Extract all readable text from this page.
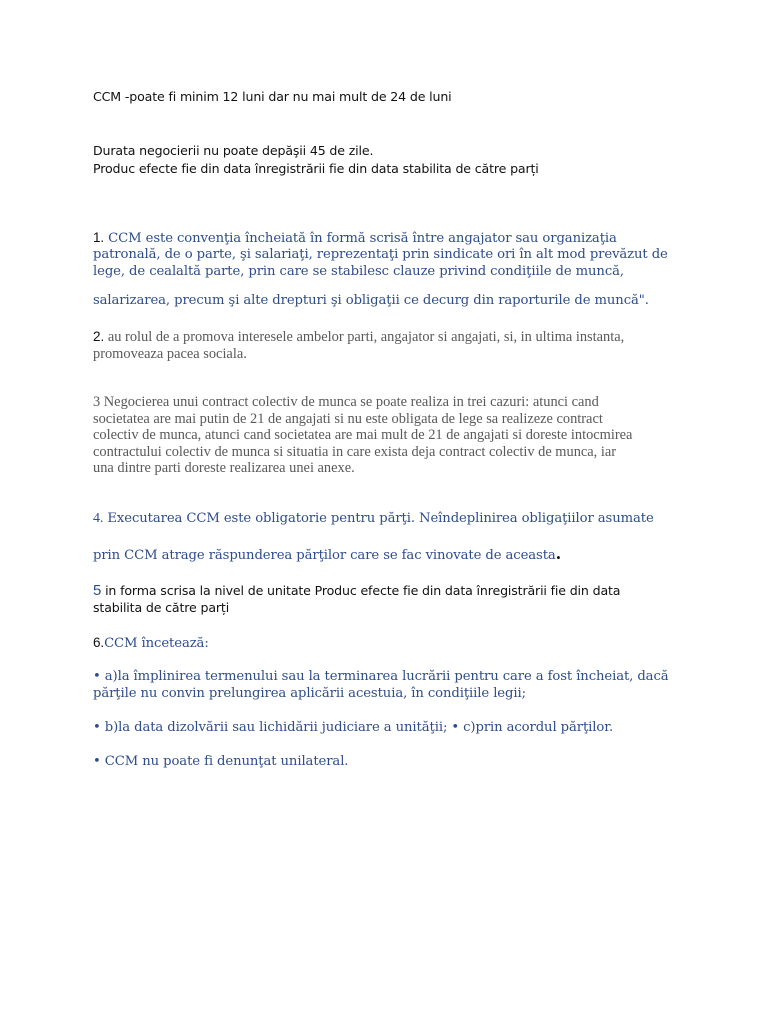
CCM -poate fi minim 12 luni dar nu mai mult de 24 de luni

Durata negocierii nu poate depăşii 45 de zile.

Produc efecte fie din data înregistrării fie din data stabilita de către parți

1. CCM este convenţia încheiată în formă scrisă între angajator sau organizaţia

patronală, de o parte, şi salariaţi, reprezentaţi prin sindicate ori în alt mod prevăzut de

lege, de cealaltă parte, prin care se stabilesc clauze privind condiţiile de muncă,

salarizarea, precum şi alte drepturi şi obligaţii ce decurg din raporturile de muncă".

2. au rolul de a promova interesele ambelor parti, angajator si angajati, si, in ultima instanta,

promoveaza pacea sociala.

3 Negocierea unui contract colectiv de munca se poate realiza in trei cazuri: atunci cand

societatea are mai putin de 21 de angajati si nu este obligata de lege sa realizeze contract

colectiv de munca, atunci cand societatea are mai mult de 21 de angajati si doreste intocmirea

contractului colectiv de munca si situatia in care exista deja contract colectiv de munca, iar

una dintre parti doreste realizarea unei anexe.

4. Executarea CCM este obligatorie pentru părţi. Neîndeplinirea obligaţiilor asumate

prin CCM atrage răspunderea părţilor care se fac vinovate de aceasta.

5 in forma scrisa la nivel de unitate Produc efecte fie din data înregistrării fie din data

stabilita de către parți

6.CCM încetează:

• a)la împlinirea termenului sau la terminarea lucrării pentru care a fost încheiat, dacă

părţile nu convin prelungirea aplicării acestuia, în condiţiile legii;

• b)la data dizolvării sau lichidării judiciare a unităţii; • c)prin acordul părţilor.

• CCM nu poate fi denunţat unilateral.
